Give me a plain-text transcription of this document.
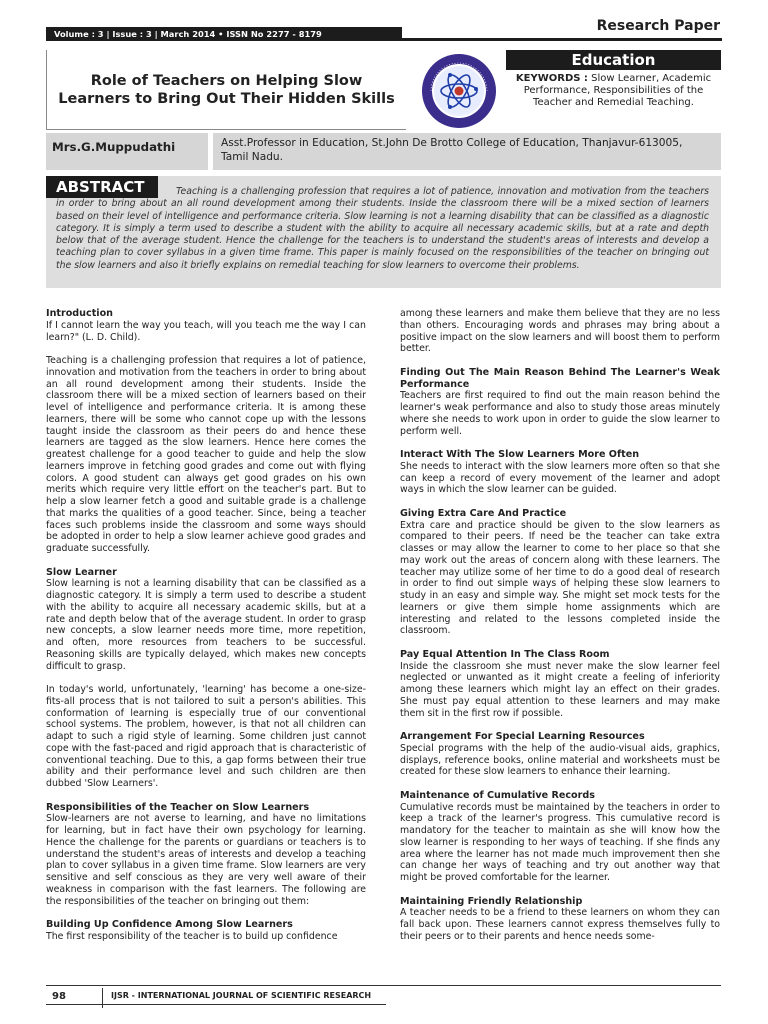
Research Paper
Volume : 3 | Issue : 3 | March 2014 • ISSN No 2277 - 8179
Role of Teachers on Helping Slow Learners to Bring Out Their Hidden Skills
Education
KEYWORDS : Slow Learner, Academic Performance, Responsibilities of the Teacher and Remedial Teaching.
Mrs.G.Muppudathi	Asst.Professor in Education, St.John De Brotto College of Education, Thanjavur-613005, Tamil Nadu.
Teaching is a challenging profession that requires a lot of patience, innovation and motivation from the teachers in order to bring about an all round development among their students. Inside the classroom there will be a mixed section of learners based on their level of intelligence and performance criteria. Slow learning is not a learning disability that can be classified as a diagnostic category. It is simply a term used to describe a student with the ability to acquire all necessary academic skills, but at a rate and depth below that of the average student. Hence the challenge for the teachers is to understand the student's areas of interests and develop a teaching plan to cover syllabus in a given time frame. This paper is mainly focused on the responsibilities of the teacher on bringing out the slow learners and also it briefly explains on remedial teaching for slow learners to overcome their problems.
ABSTRACT
Introduction

If I cannot learn the way you teach, will you teach me the way I can learn?" (L. D. Child).

Teaching is a challenging profession that requires a lot of patience, innovation and motivation from the teachers in order to bring about an all round development among their students. Inside the classroom there will be a mixed section of learners based on their level of intelligence and performance criteria. It is among these learners, there will be some who cannot cope up with the lessons taught inside the classroom as their peers do and hence these learners are tagged as the slow learners. Hence here comes the greatest challenge for a good teacher to guide and help the slow learners improve in fetching good grades and come out with flying colors. A good student can always get good grades on his own merits which require very little effort on the teacher's part. But to help a slow learner fetch a good and suitable grade is a challenge that marks the qualities of a good teacher. Since, being a teacher faces such problems inside the classroom and some ways should be adopted in order to help a slow learner achieve good grades and graduate successfully.

Slow Learner

Slow learning is not a learning disability that can be classified as a diagnostic category. It is simply a term used to describe a student with the ability to acquire all necessary academic skills, but at a rate and depth below that of the average student. In order to grasp new concepts, a slow learner needs more time, more repetition, and often, more resources from teachers to be successful. Reasoning skills are typically delayed, which makes new concepts difficult to grasp.

In today's world, unfortunately, 'learning' has become a one-size-fits-all process that is not tailored to suit a person's abilities. This conformation of learning is especially true of our conventional school systems. The problem, however, is that not all children can adapt to such a rigid style of learning. Some children just cannot cope with the fast-paced and rigid approach that is characteristic of conventional teaching. Due to this, a gap forms between their true ability and their performance level and such children are then dubbed 'Slow Learners'.

Responsibilities of the Teacher on Slow Learners

Slow-learners are not averse to learning, and have no limitations for learning, but in fact have their own psychology for learning. Hence the challenge for the parents or guardians or teachers is to understand the student's areas of interests and develop a teaching plan to cover syllabus in a given time frame. Slow learners are very sensitive and self conscious as they are very well aware of their weakness in comparison with the fast learners. The following are the responsibilities of the teacher on bringing out them:

Building Up Confidence Among Slow Learners

The first responsibility of the teacher is to build up confidence

among these learners and make them believe that they are no less than others. Encouraging words and phrases may bring about a positive impact on the slow learners and will boost them to perform better.

Finding Out The Main Reason Behind The Learner's Weak Performance

Teachers are first required to find out the main reason behind the learner's weak performance and also to study those areas minutely where she needs to work upon in order to guide the slow learner to perform well.

Interact With The Slow Learners More Often

She needs to interact with the slow learners more often so that she can keep a record of every movement of the learner and adopt ways in which the slow learner can be guided.

Giving Extra Care And Practice

Extra care and practice should be given to the slow learners as compared to their peers. If need be the teacher can take extra classes or may allow the learner to come to her place so that she may work out the areas of concern along with these learners. The teacher may utilize some of her time to do a good deal of research in order to find out simple ways of helping these slow learners to study in an easy and simple way. She might set mock tests for the learners or give them simple home assignments which are interesting and related to the lessons completed inside the classroom.

Pay Equal Attention In The Class Room

Inside the classroom she must never make the slow learner feel neglected or unwanted as it might create a feeling of inferiority among these learners which might lay an effect on their grades. She must pay equal attention to these learners and may make them sit in the first row if possible.

Arrangement For Special Learning Resources

Special programs with the help of the audio-visual aids, graphics, displays, reference books, online material and worksheets must be created for these slow learners to enhance their learning.

Maintenance of Cumulative Records

Cumulative records must be maintained by the teachers in order to keep a track of the learner's progress. This cumulative record is mandatory for the teacher to maintain as she will know how the slow learner is responding to her ways of teaching. If she finds any area where the learner has not made much improvement then she can change her ways of teaching and try out another way that might be proved comfortable for the learner.

Maintaining Friendly Relationship

A teacher needs to be a friend to these learners on whom they can fall back upon. These learners cannot express themselves fully to their peers or to their parents and hence needs some-

98	IJSR - INTERNATIONAL JOURNAL OF SCIENTIFIC RESEARCH
